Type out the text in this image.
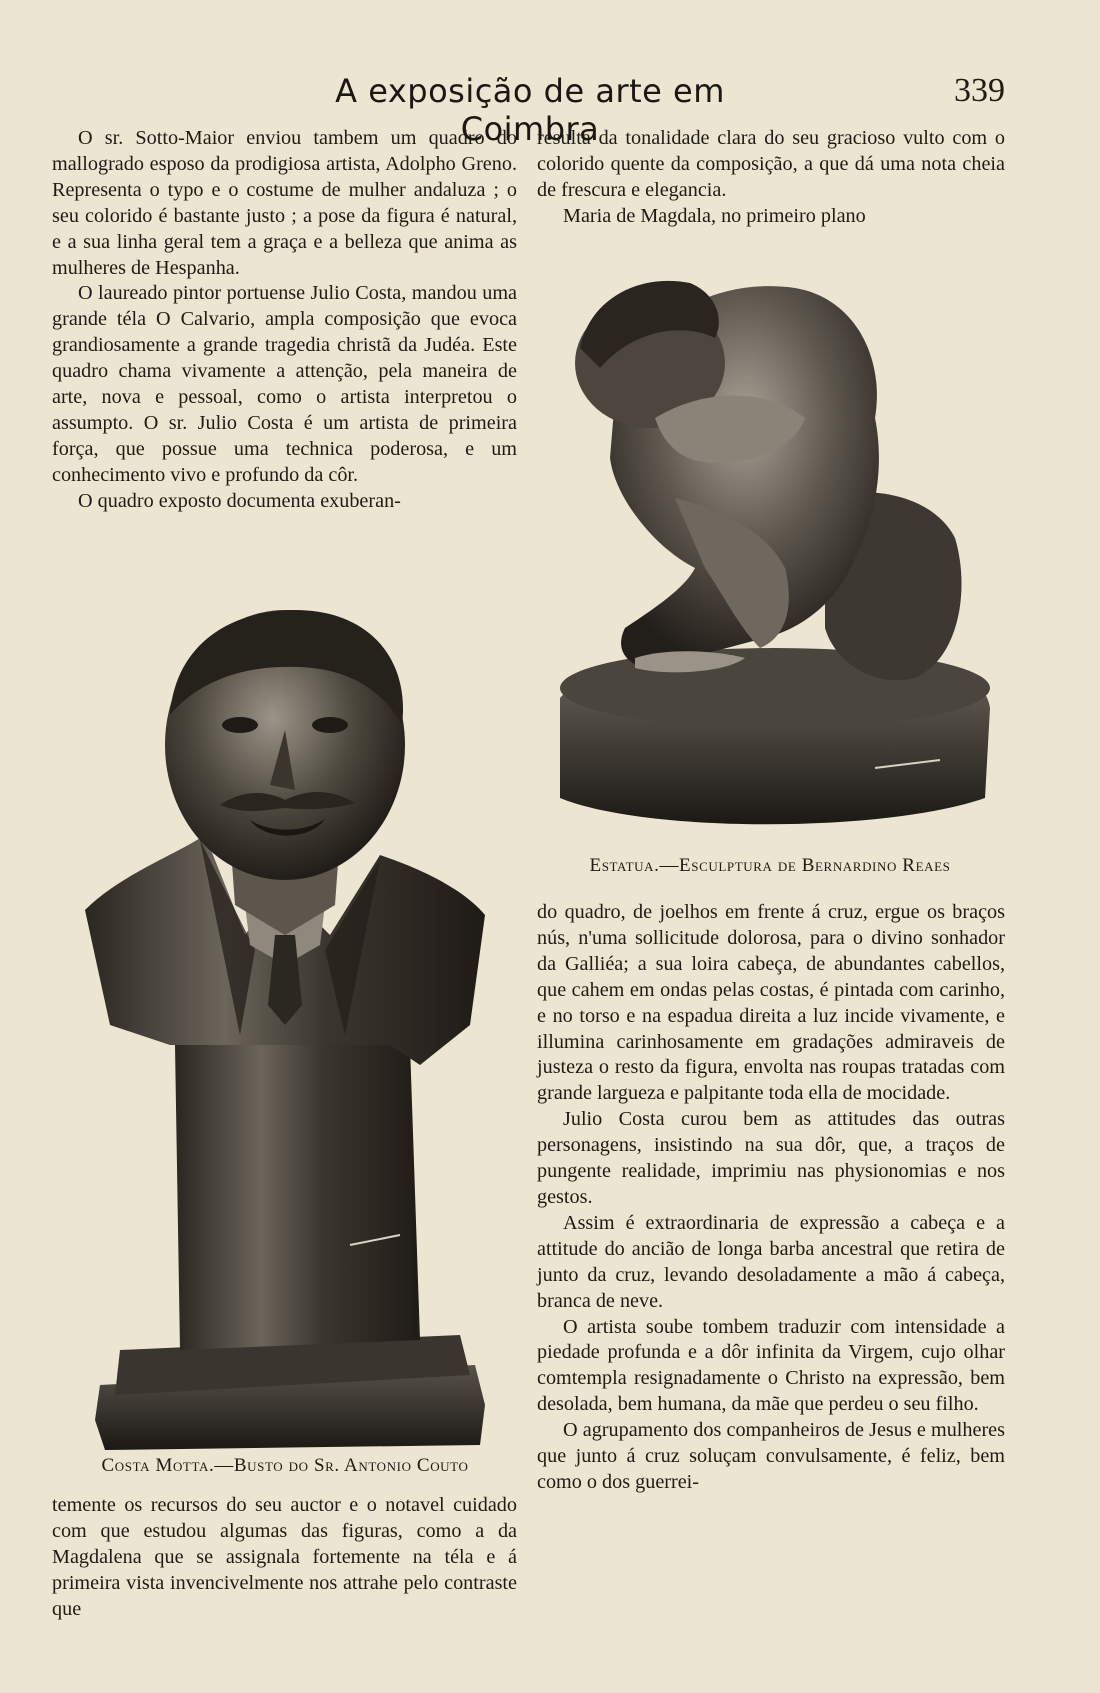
A exposição de arte em Coimbra
339

O sr. Sotto-Maior enviou tambem um quadro do mallogrado esposo da prodigiosa artista, Adolpho Greno. Representa o typo e o costume de mulher andaluza ; o seu colorido é bastante justo ; a pose da figura é natural, e a sua linha geral tem a graça e a belleza que anima as mulheres de Hespanha.

O laureado pintor portuense Julio Costa, mandou uma grande téla O Calvario, ampla composição que evoca grandiosamente a grande tragedia christã da Judéa. Este quadro chama vivamente a attenção, pela maneira de arte, nova e pessoal, como o artista interpretou o assumpto. O sr. Julio Costa é um artista de primeira força, que possue uma technica poderosa, e um conhecimento vivo e profundo da côr.

O quadro exposto documenta exuberan-

Costa Motta.—Busto do Sr. Antonio Couto

temente os recursos do seu auctor e o notavel cuidado com que estudou algumas das figuras, como a da Magdalena que se assignala fortemente na téla e á primeira vista invencivelmente nos attrahe pelo contraste que

resulta da tonalidade clara do seu gracioso vulto com o colorido quente da composição, a que dá uma nota cheia de frescura e elegancia.

Maria de Magdala, no primeiro plano

Estatua.—Esculptura de Bernardino Reaes

do quadro, de joelhos em frente á cruz, ergue os braços nús, n'uma sollicitude dolorosa, para o divino sonhador da Galliéa; a sua loira cabeça, de abundantes cabellos, que cahem em ondas pelas costas, é pintada com carinho, e no torso e na espadua direita a luz incide vivamente, e illumina carinhosamente em gradações admiraveis de justeza o resto da figura, envolta nas roupas tratadas com grande largueza e palpitante toda ella de mocidade.

Julio Costa curou bem as attitudes das outras personagens, insistindo na sua dôr, que, a traços de pungente realidade, imprimiu nas physionomias e nos gestos.

Assim é extraordinaria de expressão a cabeça e a attitude do ancião de longa barba ancestral que retira de junto da cruz, levando desoladamente a mão á cabeça, branca de neve.

O artista soube tombem traduzir com intensidade a piedade profunda e a dôr infinita da Virgem, cujo olhar comtempla resignadamente o Christo na expressão, bem desolada, bem humana, da mãe que perdeu o seu filho.

O agrupamento dos companheiros de Jesus e mulheres que junto á cruz soluçam convulsamente, é feliz, bem como o dos guerrei-
